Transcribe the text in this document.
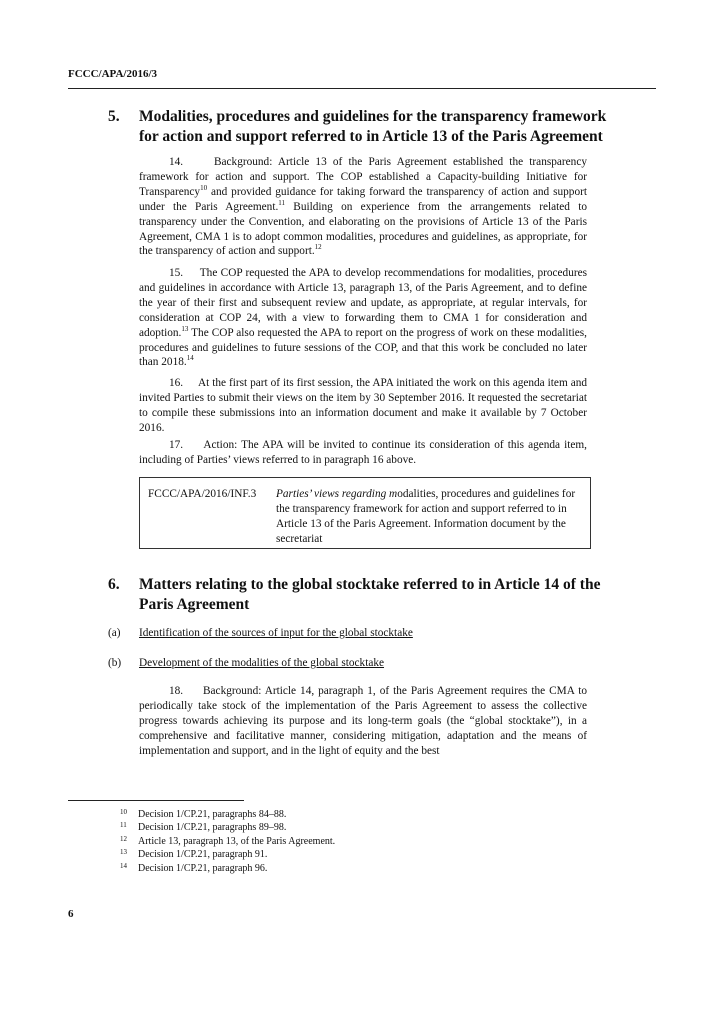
FCCC/APA/2016/3
5. Modalities, procedures and guidelines for the transparency framework for action and support referred to in Article 13 of the Paris Agreement

14.	Background: Article 13 of the Paris Agreement established the transparency framework for action and support. The COP established a Capacity-building Initiative for Transparency$^{10}$ and provided guidance for taking forward the transparency of action and support under the Paris Agreement.$^{11}$ Building on experience from the arrangements related to transparency under the Convention, and elaborating on the provisions of Article 13 of the Paris Agreement, CMA 1 is to adopt common modalities, procedures and guidelines, as appropriate, for the transparency of action and support.$^{12}$

15. The COP requested the APA to develop recommendations for modalities, procedures and guidelines in accordance with Article 13, paragraph 13, of the Paris Agreement, and to define the year of their first and subsequent review and update, as appropriate, at regular intervals, for consideration at COP 24, with a view to forwarding them to CMA 1 for consideration and adoption.$^{13}$ The COP also requested the APA to report on the progress of work on these modalities, procedures and guidelines to future sessions of the COP, and that this work be concluded no later than 2018.14

16. At the first part of its first session, the APA initiated the work on this agenda item and invited Parties to submit their views on the item by 30 September 2016. It requested the secretariat to compile these submissions into an information document and make it available by 7 October 2016.

17. Action: The APA will be invited to continue its consideration of this agenda item, including of Parties’ views referred to in paragraph 16 above.

FCCC/APA/2016/INF.3 Parties’ views regarding modalities, procedures and guidelines for the transparency framework for action and support referred to in Article 13 of the Paris Agreement. Information document by the secretariat
6. Matters relating to the global stocktake referred to in Article 14 of the Paris Agreement
(a) Identification of the sources of input for the global stocktake
(b) Development of the modalities of the global stocktake

18. Background: Article 14, paragraph 1, of the Paris Agreement requires the CMA to periodically take stock of the implementation of the Paris Agreement to assess the collective progress towards achieving its purpose and its long-term goals (the “global stocktake”), in a comprehensive and facilitative manner, considering mitigation, adaptation and the means of implementation and support, and in the light of equity and the best

10 Decision 1/CP.21, paragraphs 84–88.
11 Decision 1/CP.21, paragraphs 89–98.
12 Article 13, paragraph 13, of the Paris Agreement.
13 Decision 1/CP.21, paragraph 91.
14 Decision 1/CP.21, paragraph 96.
6
